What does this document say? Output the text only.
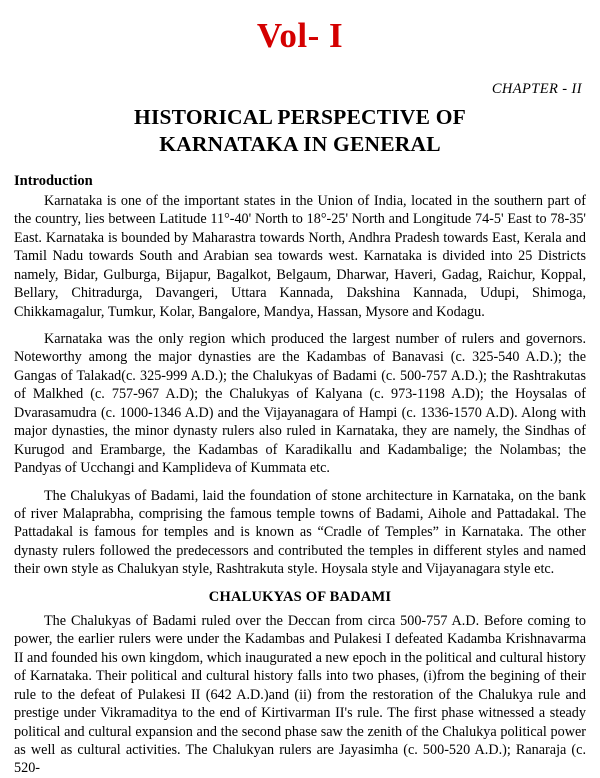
Vol- I
CHAPTER - II
HISTORICAL PERSPECTIVE OF
KARNATAKA IN GENERAL
Introduction

Karnataka is one of the important states in the Union of India, located in the southern part of the country, lies between Latitude 11°-40' North to 18°-25' North and Longitude 74-5' East to 78-35' East. Karnataka is bounded by Maharastra towards North, Andhra Pradesh towards East, Kerala and Tamil Nadu towards South and Arabian sea towards west. Karnataka is divided into 25 Districts namely, Bidar, Gulburga, Bijapur, Bagalkot, Belgaum, Dharwar, Haveri, Gadag, Raichur, Koppal, Bellary, Chitradurga, Davangeri, Uttara Kannada, Dakshina Kannada, Udupi, Shimoga, Chikkamagalur, Tumkur, Kolar, Bangalore, Mandya, Hassan, Mysore and Kodagu.

Karnataka was the only region which produced the largest number of rulers and governors. Noteworthy among the major dynasties are the Kadambas of Banavasi (c. 325-540 A.D.); the Gangas of Talakad(c. 325-999 A.D.); the Chalukyas of Badami (c. 500-757 A.D.); the Rashtrakutas of Malkhed (c. 757-967 A.D); the Chalukyas of Kalyana (c. 973-1198 A.D); the Hoysalas of Dvarasamudra (c. 1000-1346 A.D) and the Vijayanagara of Hampi (c. 1336-1570 A.D). Along with major dynasties, the minor dynasty rulers also ruled in Karnataka, they are namely, the Sindhas of Kurugod and Erambarge, the Kadambas of Karadikallu and Kadambalige; the Nolambas; the Pandyas of Ucchangi and Kamplideva of Kummata etc.

The Chalukyas of Badami, laid the foundation of stone architecture in Karnataka, on the bank of river Malaprabha, comprising the famous temple towns of Badami, Aihole and Pattadakal. The Pattadakal is famous for temples and is known as “Cradle of Temples” in Karnataka. The other dynasty rulers followed the predecessors and contributed the temples in different styles and named their own style as Chalukyan style, Rashtrakuta style. Hoysala style and Vijayanagara style etc.

CHALUKYAS OF BADAMI

The Chalukyas of Badami ruled over the Deccan from circa 500-757 A.D. Before coming to power, the earlier rulers were under the Kadambas and Pulakesi I defeated Kadamba Krishnavarma II and founded his own kingdom, which inaugurated a new epoch in the political and cultural history of Karnataka. Their political and cultural history falls into two phases, (i)from the begining of their rule to the defeat of Pulakesi II (642 A.D.)and (ii) from the restoration of the Chalukya rule and prestige under Vikramaditya to the end of Kirtivarman II's rule. The first phase witnessed a steady political and cultural expansion and the second phase saw the zenith of the Chalukya political power as well as cultural activities. The Chalukyan rulers are Jayasimha (c. 500-520 A.D.); Ranaraja (c. 520-
